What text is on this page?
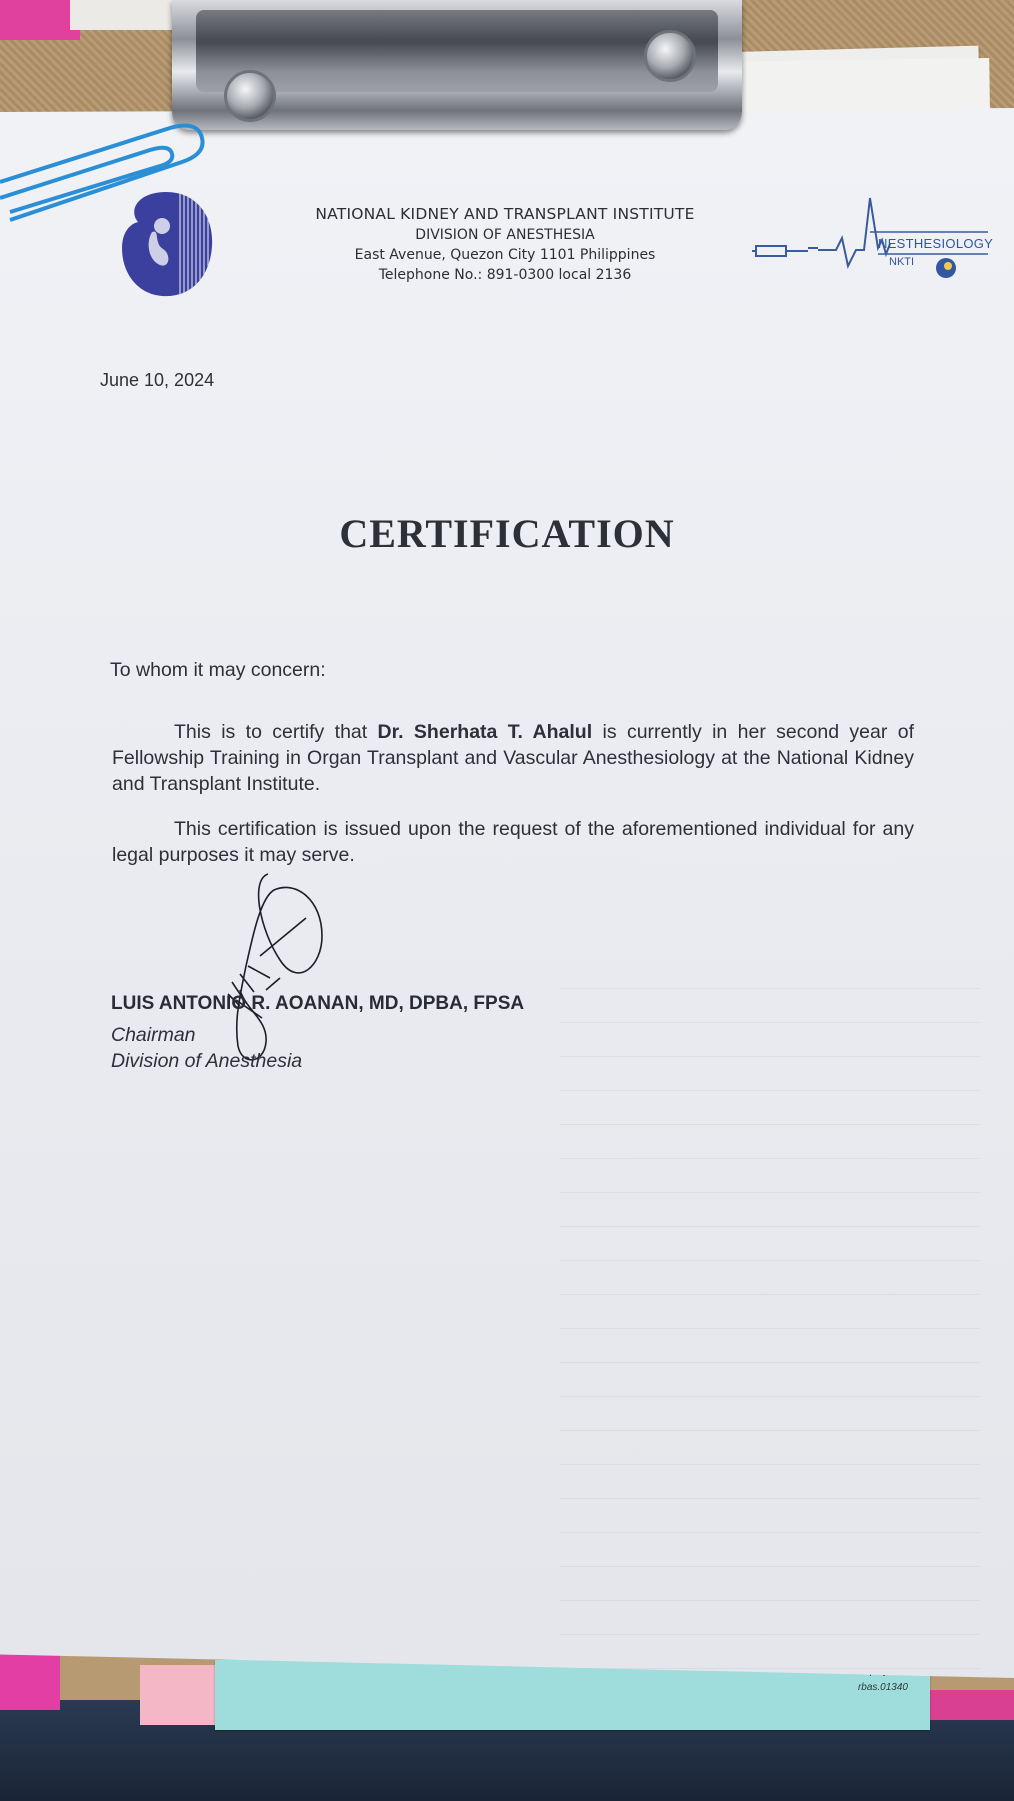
rbas.01340
NATIONAL KIDNEY AND TRANSPLANT INSTITUTE
DIVISION OF ANESTHESIA
East Avenue, Quezon City 1101 Philippines
Telephone No.: 891-0300 local 2136
NESTHESIOLOGY
NKTI
June 10, 2024
CERTIFICATION
To whom it may concern:
This is to certify that Dr. Sherhata T. Ahalul is currently in her second year of Fellowship Training in Organ Transplant and Vascular Anesthesiology at the National Kidney and Transplant Institute.
This certification is issued upon the request of the aforementioned individual for any legal purposes it may serve.
LUIS ANTONIO R. AOANAN, MD, DPBA, FPSA
Chairman
Division of Anesthesia
